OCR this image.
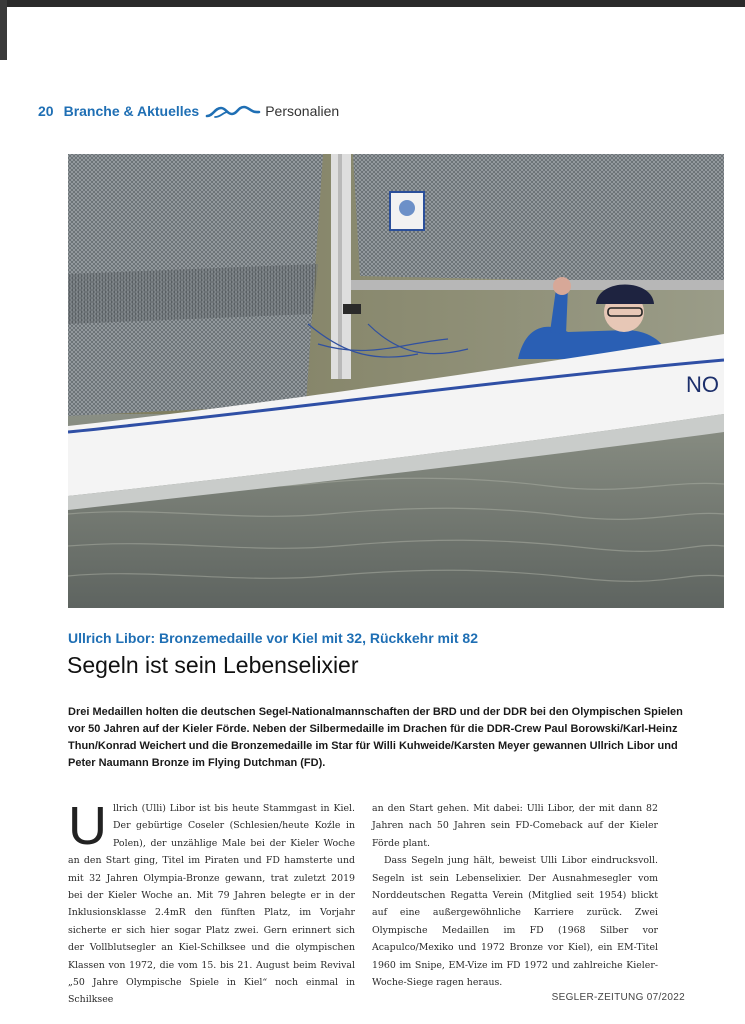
20 Branche & Aktuelles	Personalien
NO
Ullrich Libor: Bronzemedaille vor Kiel mit 32, Rückkehr mit 82
Segeln ist sein Lebenselixier
Drei Medaillen holten die deutschen Segel-Nationalmannschaften der BRD und der DDR bei den Olympischen Spielen vor 50 Jahren auf der Kieler Förde. Neben der Silbermedaille im Drachen für die DDR-Crew Paul Borowski/Karl-Heinz Thun/Konrad Weichert und die Bronzemedaille im Star für Willi Kuhweide/Karsten Meyer gewannen Ullrich Libor und Peter Naumann Bronze im Flying Dutchman (FD).
U llrich (Ulli) Libor ist bis heute Stammgast in Kiel. Der gebürtige Coseler (Schlesien/heute Koźle in Polen), der unzählige Male bei der Kieler Woche an den Start ging, Titel im Piraten und FD hamsterte und mit 32 Jahren Olympia-Bronze gewann, trat zuletzt 2019 bei der Kieler Woche an. Mit 79 Jahren belegte er in der Inklusionsklasse 2.4mR den fünften Platz, im Vorjahr sicherte er sich hier sogar Platz zwei. Gern erinnert sich der Vollblutsegler an Kiel-Schilksee und die olympischen Klassen von 1972, die vom 15. bis 21. August beim Revival „50 Jahre Olympische Spiele in Kiel“ noch einmal in Schilksee

an den Start gehen. Mit dabei: Ulli Libor, der mit dann 82 Jahren nach 50 Jahren sein FD-Comeback auf der Kieler Förde plant.

Dass Segeln jung hält, beweist Ulli Libor eindrucksvoll. Segeln ist sein Lebenselixier. Der Ausnahmesegler vom Norddeutschen Regatta Verein (Mitglied seit 1954) blickt auf eine außergewöhnliche Karriere zurück. Zwei Olympische Medaillen im FD (1968 Silber vor Acapulco/Mexiko und 1972 Bronze vor Kiel), ein EM-Titel 1960 im Snipe, EM-Vize im FD 1972 und zahlreiche Kieler-Woche-Siege ragen heraus.

SEGLER-ZEITUNG 07/2022
